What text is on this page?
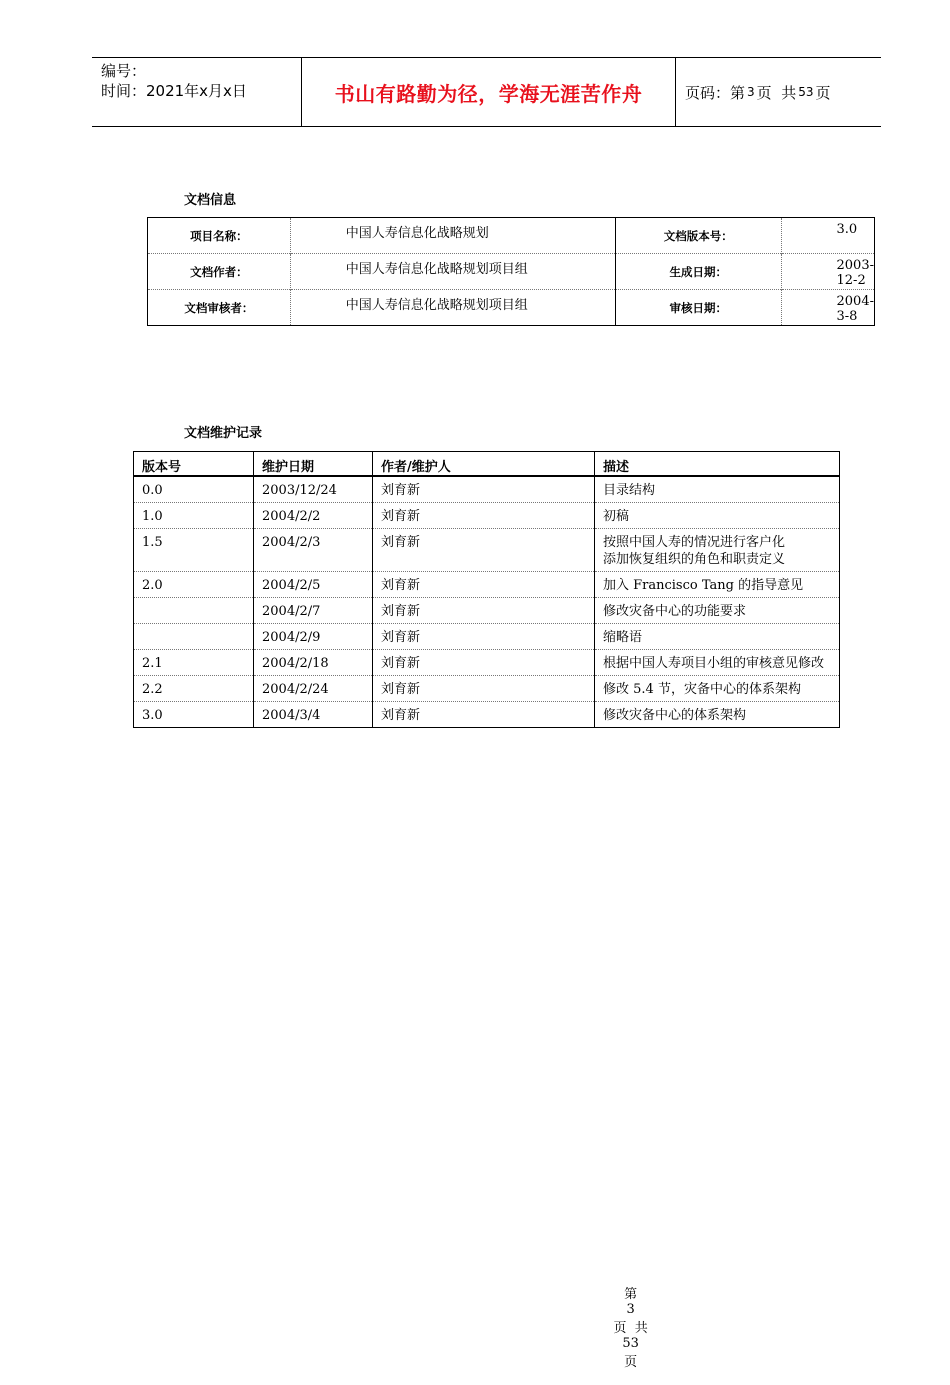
编号：
时间：2021年x月x日	书山有路勤为径，学海无涯苦作舟	页码：第 3 页  共 53 页
文档信息
项目名称：	中国人寿信息化战略规划	文档版本号：	3.0
文档作者：	中国人寿信息化战略规划项目组	生成日期：	2003-12-2
文档审核者：	中国人寿信息化战略规划项目组	审核日期：	2004-3-8
文档维护记录
版本号	维护日期	作者/维护人	描述
0.0	2003/12/24	刘育新	目录结构
1.0	2004/2/2	刘育新	初稿
1.5	2004/2/3	刘育新	按照中国人寿的情况进行客户化
添加恢复组织的角色和职责定义
2.0	2004/2/5	刘育新	加入 Francisco Tang 的指导意见
	2004/2/7	刘育新	修改灾备中心的功能要求
	2004/2/9	刘育新	缩略语
2.1	2004/2/18	刘育新	根据中国人寿项目小组的审核意见修改
2.2	2004/2/24	刘育新	修改 5.4 节，灾备中心的体系架构
3.0	2004/3/4	刘育新	修改灾备中心的体系架构

第
3
页  共
53
页
